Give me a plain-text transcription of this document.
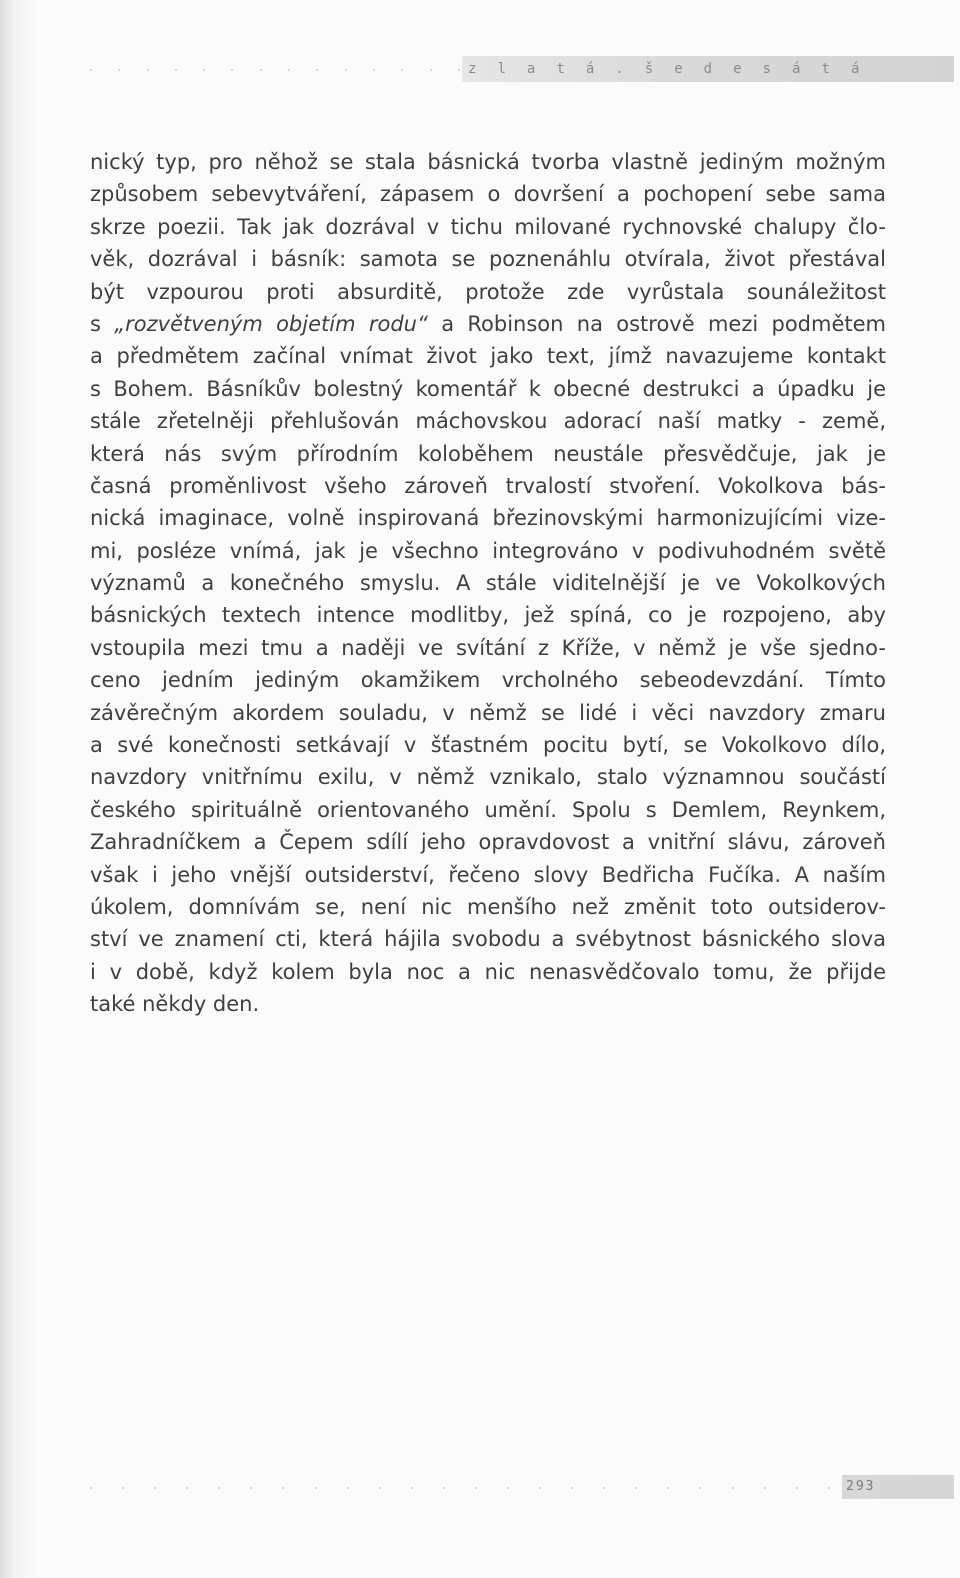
z l a t á . š e d e s á t á
nický typ, pro něhož se stala básnická tvorba vlastně jediným možným
způsobem sebevytváření, zápasem o dovršení a pochopení sebe sama
skrze poezii. Tak jak dozrával v tichu milované rychnovské chalupy člo-
věk, dozrával i básník: samota se poznenáhlu otvírala, život přestával
být vzpourou proti absurditě, protože zde vyrůstala sounáležitost
s „rozvětveným objetím rodu“ a Robinson na ostrově mezi podmětem
a předmětem začínal vnímat život jako text, jímž navazujeme kontakt
s Bohem. Básníkův bolestný komentář k obecné destrukci a úpadku je
stále zřetelněji přehlušován máchovskou adorací naší matky - země,
která nás svým přírodním koloběhem neustále přesvědčuje, jak je
časná proměnlivost všeho zároveň trvalostí stvoření. Vokolkova bás-
nická imaginace, volně inspirovaná březinovskými harmonizujícími vize-
mi, posléze vnímá, jak je všechno integrováno v podivuhodném světě
významů a konečného smyslu. A stále viditelnější je ve Vokolkových
básnických textech intence modlitby, jež spíná, co je rozpojeno, aby
vstoupila mezi tmu a naději ve svítání z Kříže, v němž je vše sjedno-
ceno jedním jediným okamžikem vrcholného sebeodevzdání. Tímto
závěrečným akordem souladu, v němž se lidé i věci navzdory zmaru
a své konečnosti setkávají v šťastném pocitu bytí, se Vokolkovo dílo,
navzdory vnitřnímu exilu, v němž vznikalo, stalo významnou součástí
českého spirituálně orientovaného umění. Spolu s Demlem, Reynkem,
Zahradníčkem a Čepem sdílí jeho opravdovost a vnitřní slávu, zároveň
však i jeho vnější outsiderství, řečeno slovy Bedřicha Fučíka. A naším
úkolem, domnívám se, není nic menšího než změnit toto outsiderov-
ství ve znamení cti, která hájila svobodu a svébytnost básnického slova
i v době, když kolem byla noc a nic nenasvědčovalo tomu, že přijde
také někdy den.
293
